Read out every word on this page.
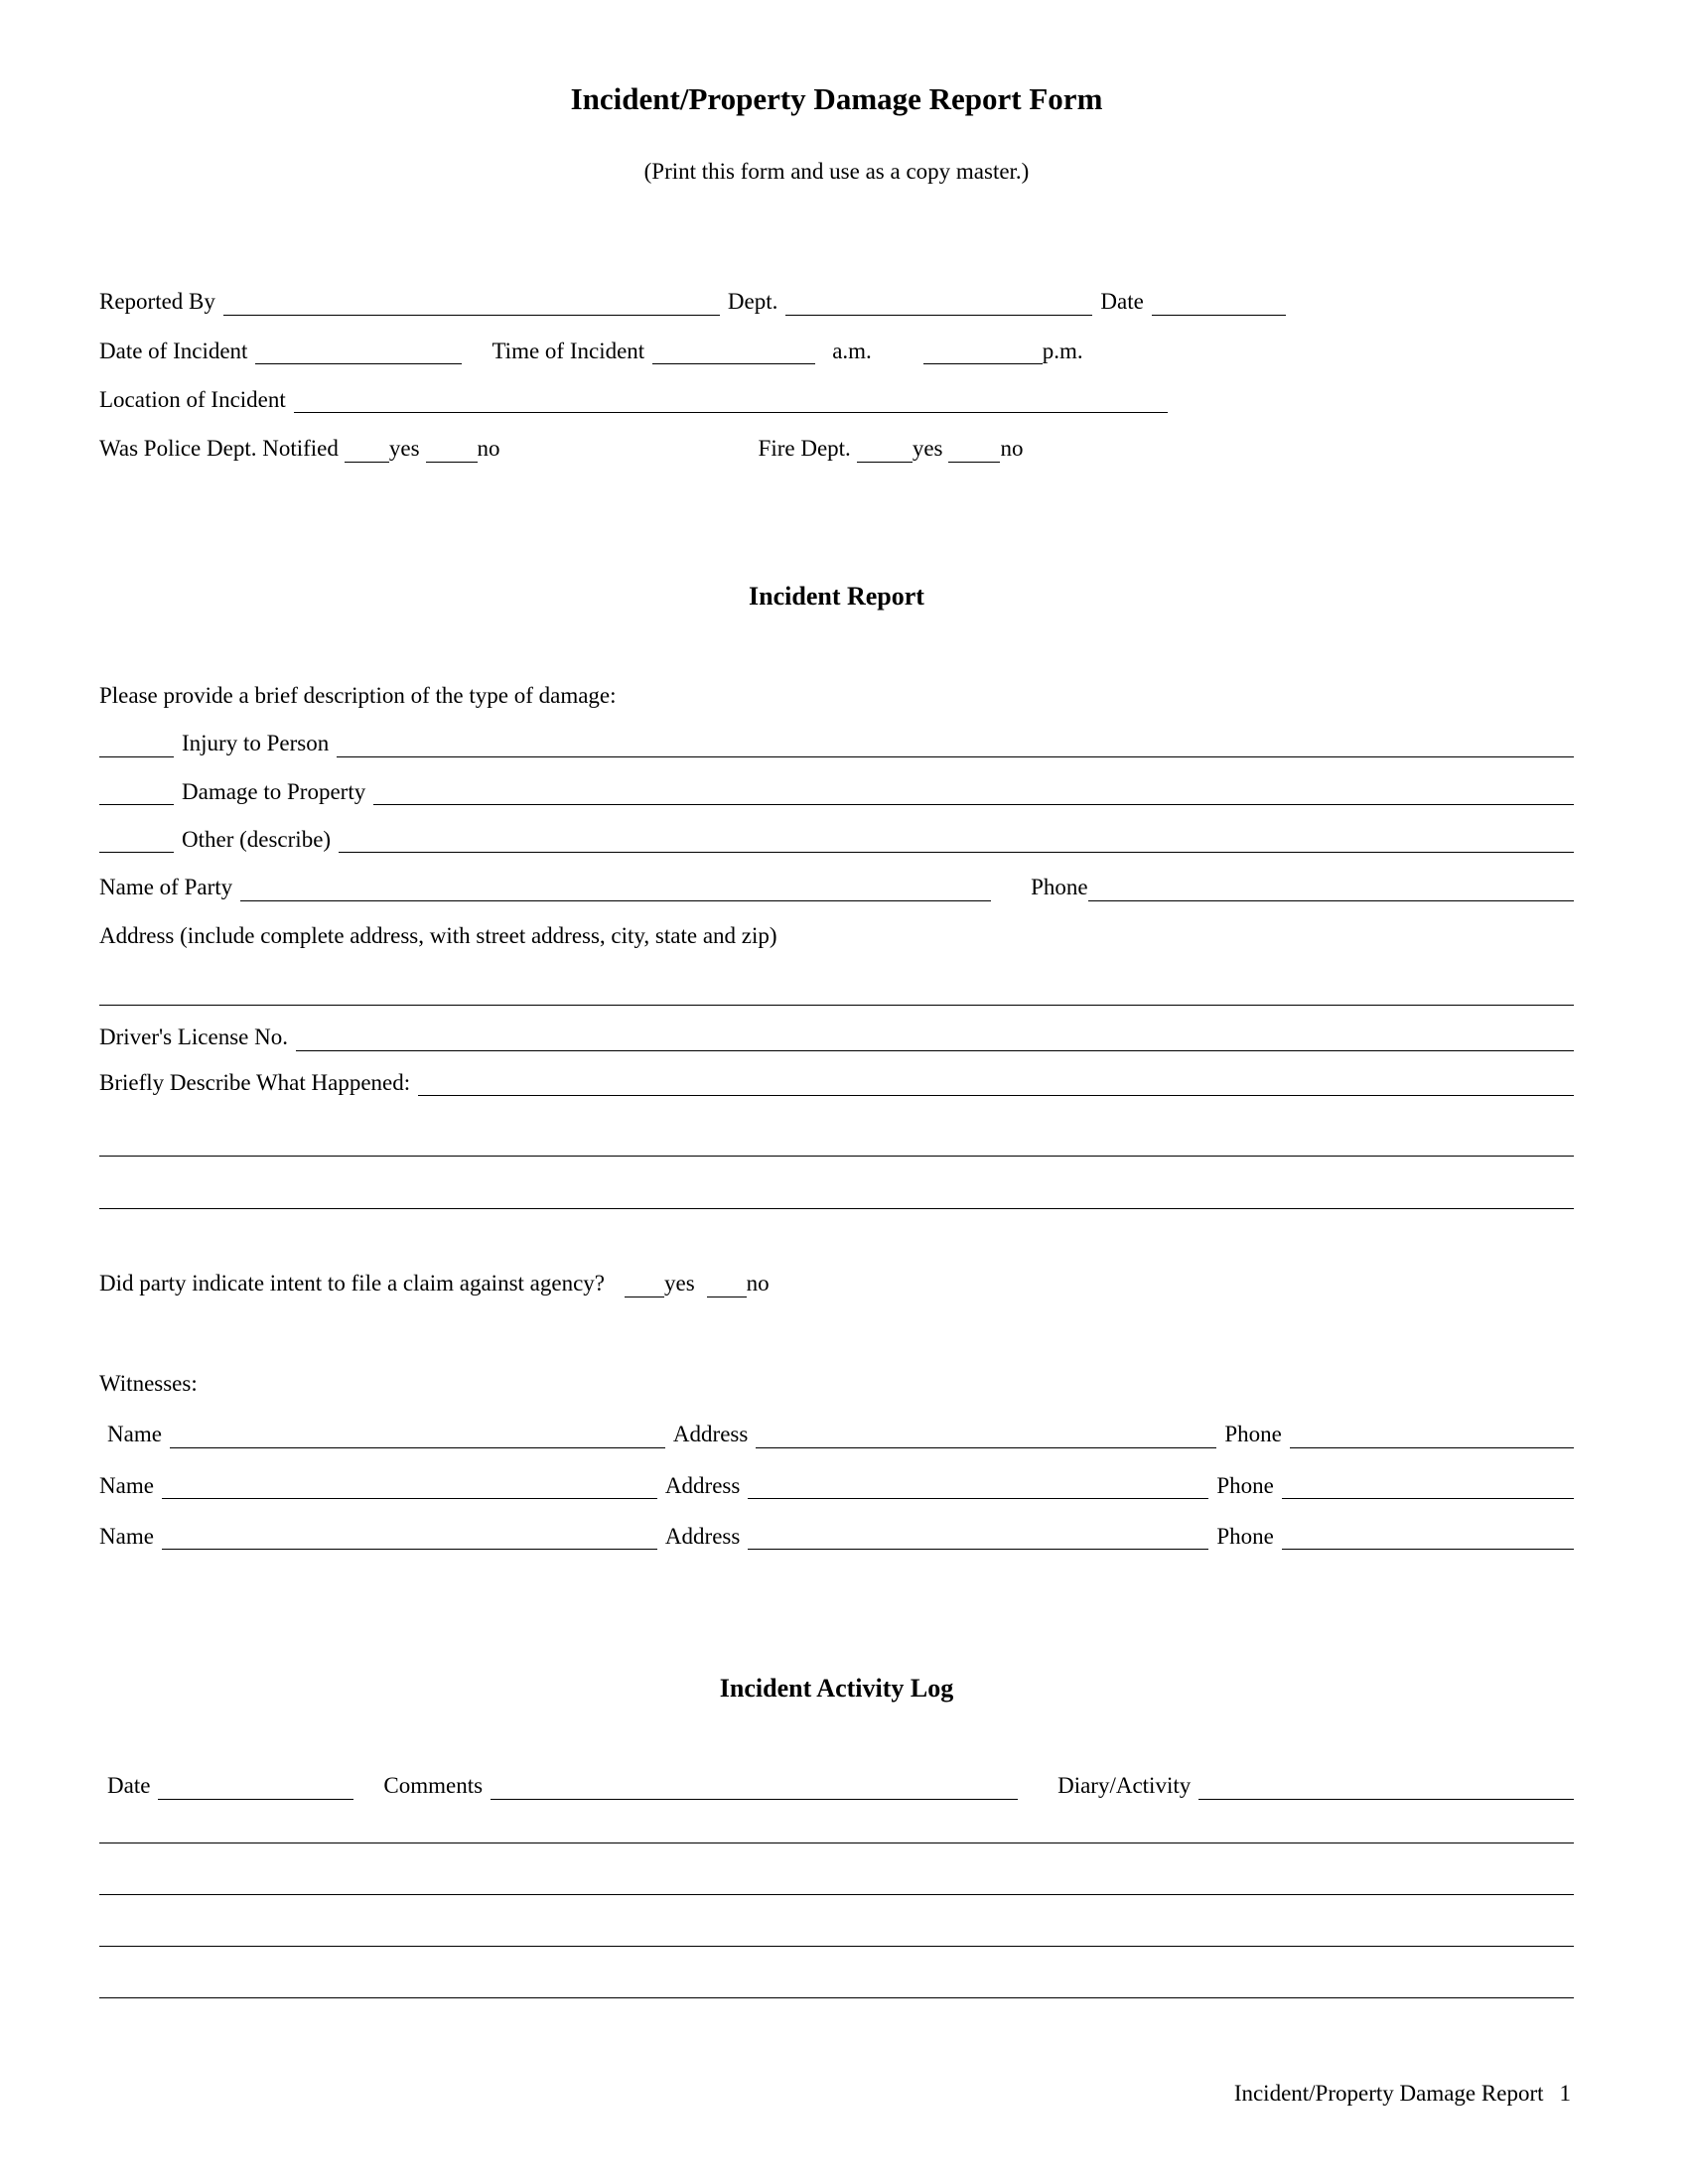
Incident/Property Damage Report Form

(Print this form and use as a copy master.)

Reported By	Dept.	Date
Date of Incident	Time of Incident	a.m.	p.m.
Location of Incident
Was Police Dept. Notified yes	no	Fire Dept.	yes	no
Incident Report
Please provide a brief description of the type of damage:
Injury to Person
Damage to Property
Other (describe)
Name of Party	Phone
Address (include complete address, with street address, city, state and zip)
Driver's License No.
Briefly Describe What Happened:
Did party indicate intent to file a claim against agency?	yes no
Witnesses:
Name	Address	Phone
Name	Address	Phone
Name	Address	Phone
Incident Activity Log
Date	Comments	Diary/Activity
Incident/Property Damage Report 1
